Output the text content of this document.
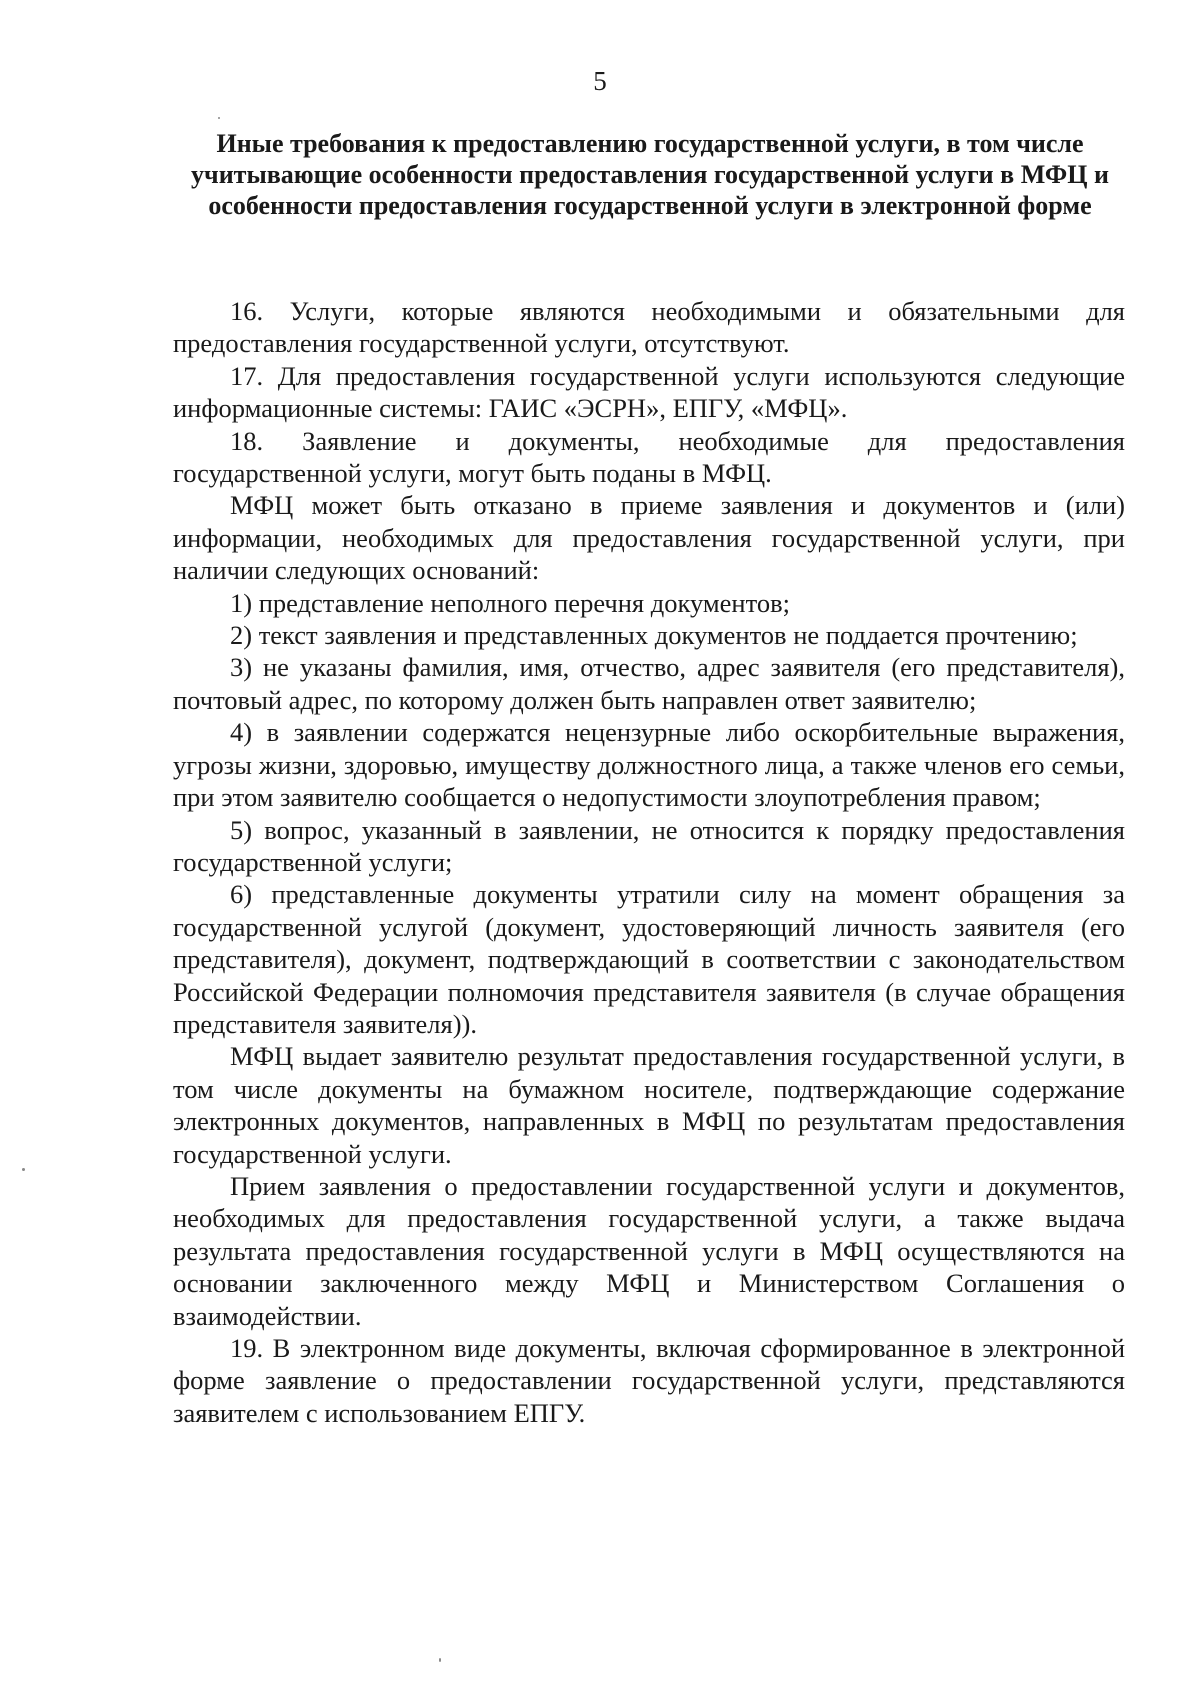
5
Иные требования к предоставлению государственной услуги, в том числе учитывающие особенности предоставления государственной услуги в МФЦ и особенности предоставления государственной услуги в электронной форме

16. Услуги, которые являются необходимыми и обязательными для предоставления государственной услуги, отсутствуют.

17. Для предоставления государственной услуги используются следующие информационные системы: ГАИС «ЭСРН», ЕПГУ, «МФЦ».

18. Заявление и документы, необходимые для предоставления государственной услуги, могут быть поданы в МФЦ.

МФЦ может быть отказано в приеме заявления и документов и (или) информации, необходимых для предоставления государственной услуги, при наличии следующих оснований:

1) представление неполного перечня документов;

2) текст заявления и представленных документов не поддается прочтению;

3) не указаны фамилия, имя, отчество, адрес заявителя (его представителя), почтовый адрес, по которому должен быть направлен ответ заявителю;

4) в заявлении содержатся нецензурные либо оскорбительные выражения, угрозы жизни, здоровью, имуществу должностного лица, а также членов его семьи, при этом заявителю сообщается о недопустимости злоупотребления правом;

5) вопрос, указанный в заявлении, не относится к порядку предоставления государственной услуги;

6) представленные документы утратили силу на момент обращения за государственной услугой (документ, удостоверяющий личность заявителя (его представителя), документ, подтверждающий в соответствии с законодательством Российской Федерации полномочия представителя заявителя (в случае обращения представителя заявителя)).

МФЦ выдает заявителю результат предоставления государственной услуги, в том числе документы на бумажном носителе, подтверждающие содержание электронных документов, направленных в МФЦ по результатам предоставления государственной услуги.

Прием заявления о предоставлении государственной услуги и документов, необходимых для предоставления государственной услуги, а также выдача результата предоставления государственной услуги в МФЦ осуществляются на основании заключенного между МФЦ и Министерством Соглашения о взаимодействии.

19. В электронном виде документы, включая сформированное в электронной форме заявление о предоставлении государственной услуги, представляются заявителем с использованием ЕПГУ.
